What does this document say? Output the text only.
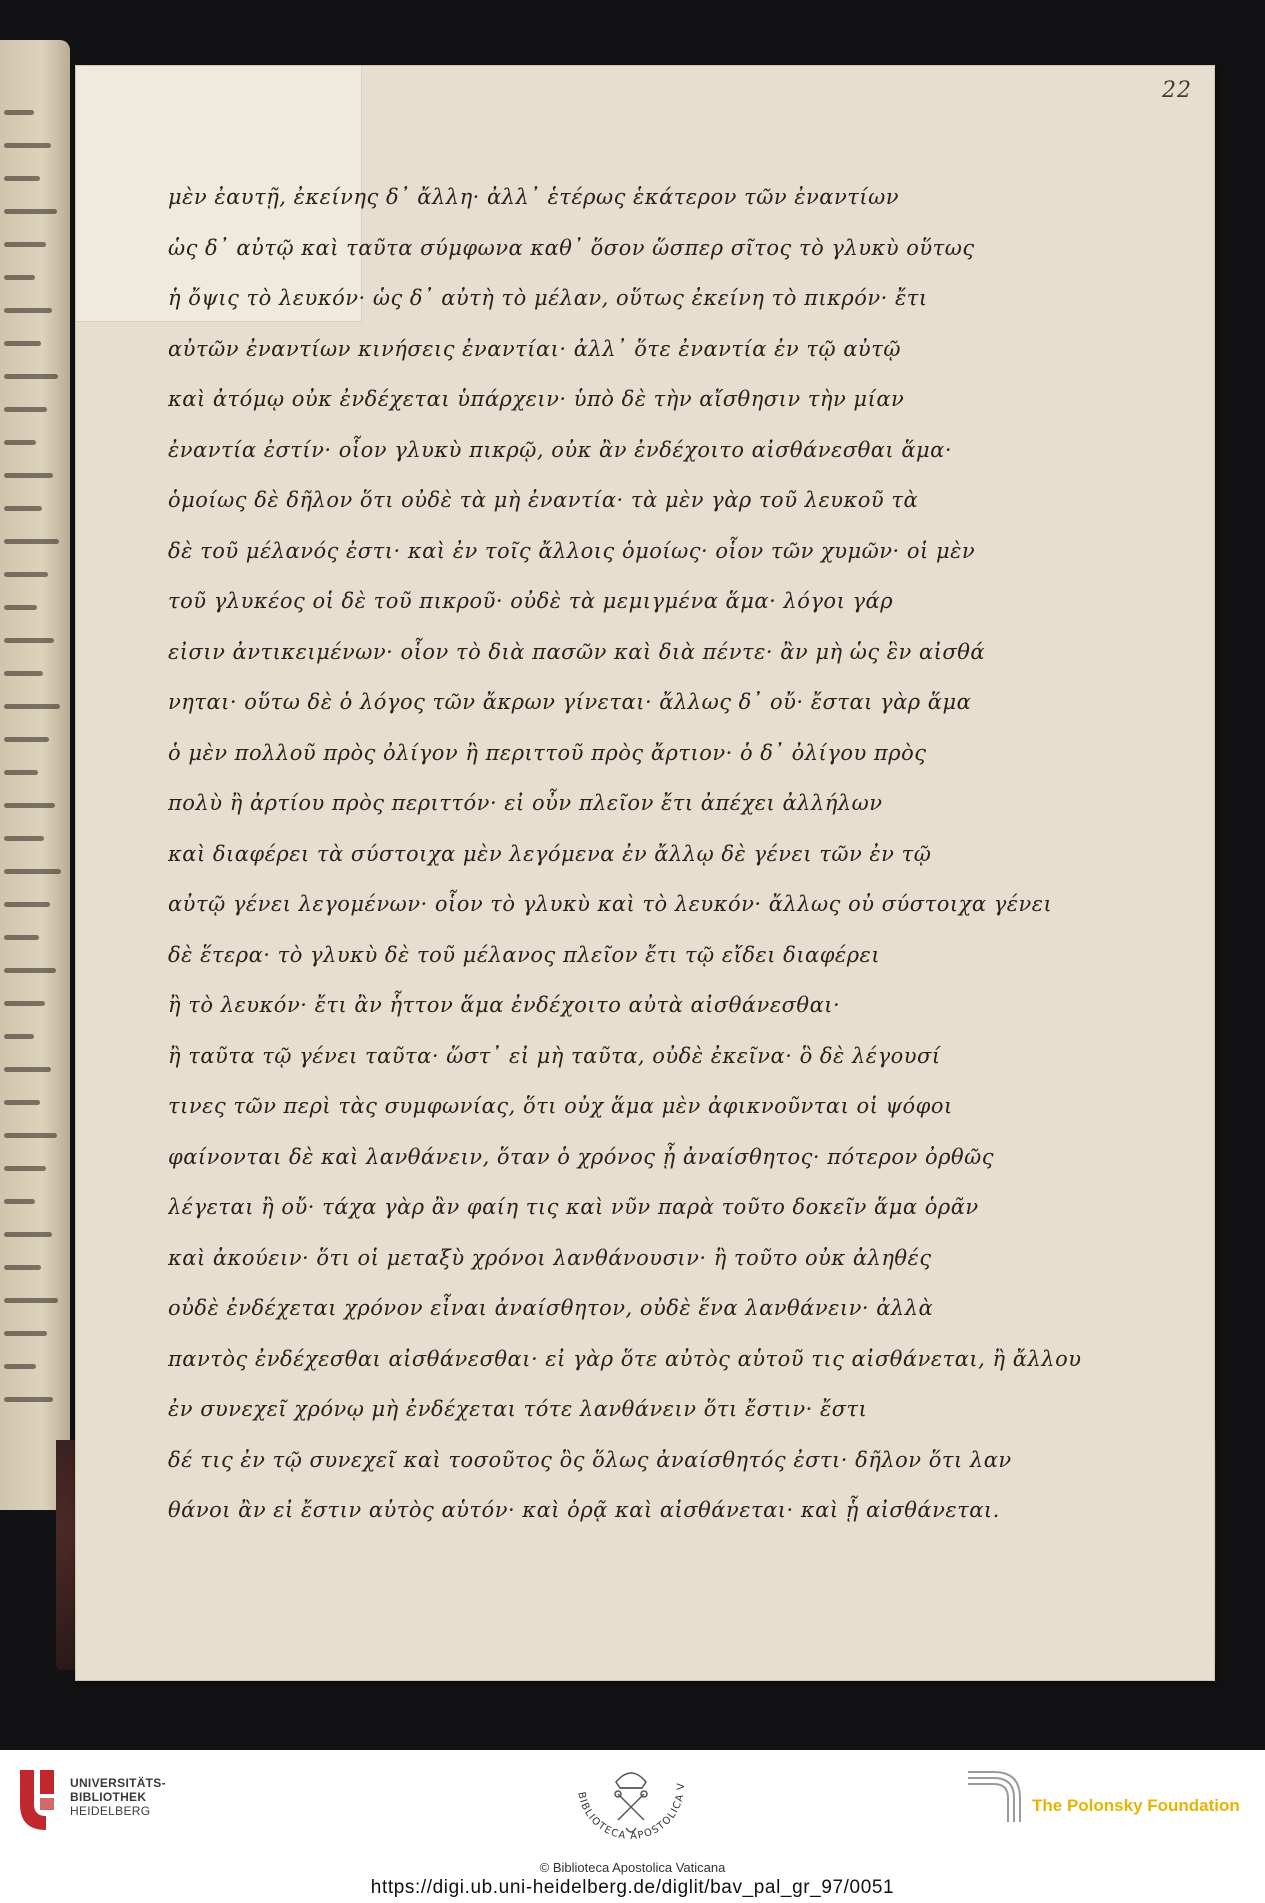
22
μὲν ἐαυτῇ, ἐκείνης δ᾽ ἄλλη· ἀλλ᾽ ἑτέρως ἑκάτερον τῶν ἐναντίων
ὡς δ᾽ αὐτῷ καὶ ταῦτα σύμφωνα καθ᾽ ὅσον ὥσπερ σῖτος τὸ γλυκὺ οὕτως
ἡ ὄψις τὸ λευκόν· ὡς δ᾽ αὐτὴ τὸ μέλαν, οὕτως ἐκείνη τὸ πικρόν· ἔτι
αὐτῶν ἐναντίων κινήσεις ἐναντίαι· ἀλλ᾽ ὅτε ἐναντία ἐν τῷ αὐτῷ
καὶ ἀτόμῳ οὐκ ἐνδέχεται ὑπάρχειν· ὑπὸ δὲ τὴν αἴσθησιν τὴν μίαν
ἐναντία ἐστίν· οἷον γλυκὺ πικρῷ, οὐκ ἂν ἐνδέχοιτο αἰσθάνεσθαι ἅμα·
ὁμοίως δὲ δῆλον ὅτι οὐδὲ τὰ μὴ ἐναντία· τὰ μὲν γὰρ τοῦ λευκοῦ τὰ
δὲ τοῦ μέλανός ἐστι· καὶ ἐν τοῖς ἄλλοις ὁμοίως· οἷον τῶν χυμῶν· οἱ μὲν
τοῦ γλυκέος οἱ δὲ τοῦ πικροῦ· οὐδὲ τὰ μεμιγμένα ἅμα· λόγοι γάρ
εἰσιν ἀντικειμένων· οἷον τὸ διὰ πασῶν καὶ διὰ πέντε· ἂν μὴ ὡς ἓν αἰσθά
νηται· οὕτω δὲ ὁ λόγος τῶν ἄκρων γίνεται· ἄλλως δ᾽ οὔ· ἔσται γὰρ ἅμα
ὁ μὲν πολλοῦ πρὸς ὀλίγον ἢ περιττοῦ πρὸς ἄρτιον· ὁ δ᾽ ὀλίγου πρὸς
πολὺ ἢ ἀρτίου πρὸς περιττόν· εἰ οὖν πλεῖον ἔτι ἀπέχει ἀλλήλων
καὶ διαφέρει τὰ σύστοιχα μὲν λεγόμενα ἐν ἄλλῳ δὲ γένει τῶν ἐν τῷ
αὐτῷ γένει λεγομένων· οἷον τὸ γλυκὺ καὶ τὸ λευκόν· ἄλλως οὐ σύστοιχα γένει
δὲ ἕτερα· τὸ γλυκὺ δὲ τοῦ μέλανος πλεῖον ἔτι τῷ εἴδει διαφέρει
ἢ τὸ λευκόν· ἔτι ἂν ἧττον ἅμα ἐνδέχοιτο αὐτὰ αἰσθάνεσθαι·
ἢ ταῦτα τῷ γένει ταῦτα· ὥστ᾽ εἰ μὴ ταῦτα, οὐδὲ ἐκεῖνα· ὃ δὲ λέγουσί
τινες τῶν περὶ τὰς συμφωνίας, ὅτι οὐχ ἅμα μὲν ἀφικνοῦνται οἱ ψόφοι
φαίνονται δὲ καὶ λανθάνειν, ὅταν ὁ χρόνος ᾖ ἀναίσθητος· πότερον ὀρθῶς
λέγεται ἢ οὔ· τάχα γὰρ ἂν φαίη τις καὶ νῦν παρὰ τοῦτο δοκεῖν ἅμα ὁρᾶν
καὶ ἀκούειν· ὅτι οἱ μεταξὺ χρόνοι λανθάνουσιν· ἢ τοῦτο οὐκ ἀληθές
οὐδὲ ἐνδέχεται χρόνον εἶναι ἀναίσθητον, οὐδὲ ἕνα λανθάνειν· ἀλλὰ
παντὸς ἐνδέχεσθαι αἰσθάνεσθαι· εἰ γὰρ ὅτε αὐτὸς αὑτοῦ τις αἰσθάνεται, ἢ ἄλλου
ἐν συνεχεῖ χρόνῳ μὴ ἐνδέχεται τότε λανθάνειν ὅτι ἔστιν· ἔστι
δέ τις ἐν τῷ συνεχεῖ καὶ τοσοῦτος ὃς ὅλως ἀναίσθητός ἐστι· δῆλον ὅτι λαν
θάνοι ἂν εἰ ἔστιν αὐτὸς αὑτόν· καὶ ὁρᾷ καὶ αἰσθάνεται· καὶ ᾗ αἰσθάνεται.
UNIVERSITÄTS-
BIBLIOTHEK
HEIDELBERG
BIBLIOTECA APOSTOLICA V
The Polonsky Foundation
© Biblioteca Apostolica Vaticana
https://digi.ub.uni-heidelberg.de/diglit/bav_pal_gr_97/0051
